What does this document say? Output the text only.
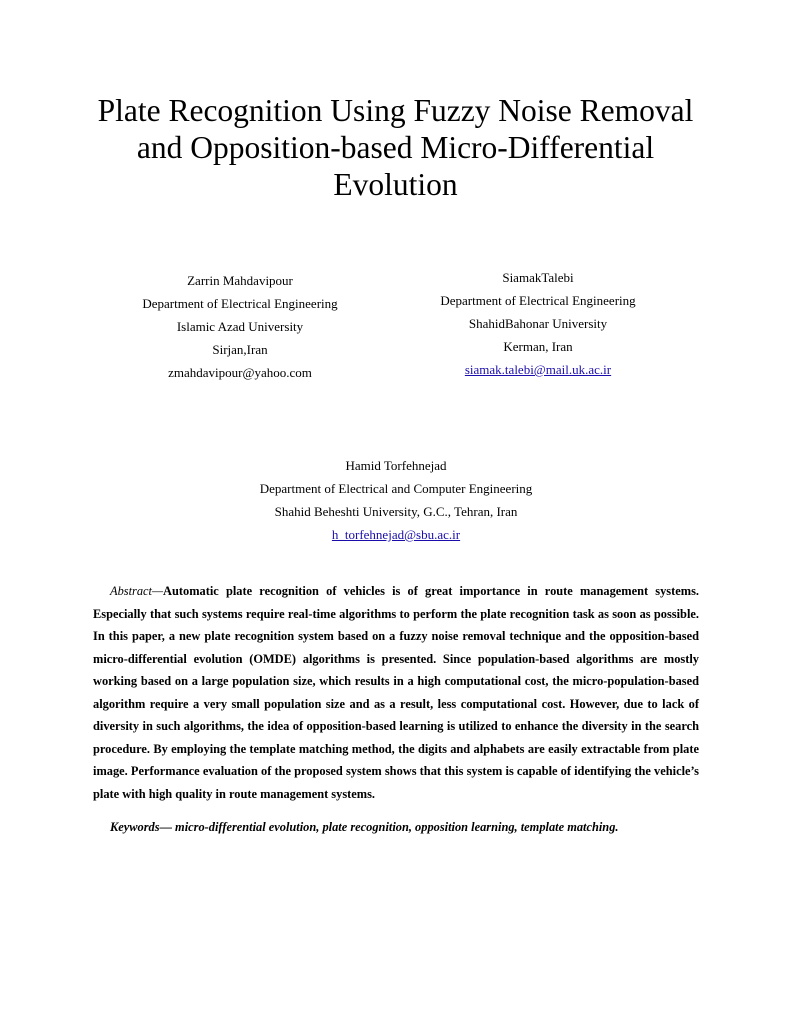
Plate Recognition Using Fuzzy Noise Removal
and Opposition-based Micro-Differential
Evolution
Zarrin Mahdavipour
Department of Electrical Engineering
Islamic Azad University
Sirjan,Iran
zmahdavipour@yahoo.com
SiamakTalebi
Department of Electrical Engineering
ShahidBahonar University
Kerman, Iran
siamak.talebi@mail.uk.ac.ir
Hamid Torfehnejad
Department of Electrical and Computer Engineering
Shahid Beheshti University, G.C., Tehran, Iran
h_torfehnejad@sbu.ac.ir
Abstract—Automatic plate recognition of vehicles is of great importance in route management systems. Especially that such systems require real-time algorithms to perform the plate recognition task as soon as possible. In this paper, a new plate recognition system based on a fuzzy noise removal technique and the opposition-based micro-differential evolution (OMDE) algorithms is presented. Since population-based algorithms are mostly working based on a large population size, which results in a high computational cost, the micro-population-based algorithm require a very small population size and as a result, less computational cost. However, due to lack of diversity in such algorithms, the idea of opposition-based learning is utilized to enhance the diversity in the search procedure. By employing the template matching method, the digits and alphabets are easily extractable from plate image. Performance evaluation of the proposed system shows that this system is capable of identifying the vehicle’s plate with high quality in route management systems.
Keywords— micro-differential evolution, plate recognition, opposition learning, template matching.
